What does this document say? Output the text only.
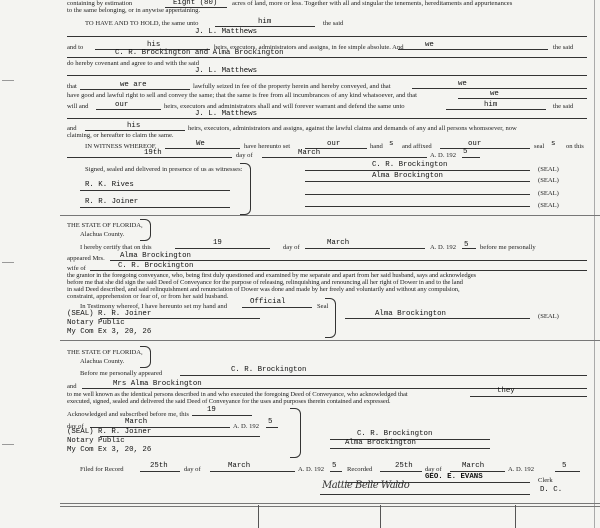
containing by estimation	Eight (80) acres of land, more or less. Together with all and singular the tenements, hereditaments and appurtenances
to the same belonging, or in anywise appertaining.
TO HAVE AND TO HOLD, the same unto	him	the said
J. L. Matthews
and to	his	heirs, executors, administrators and assigns, in fee simple absolute. And	we	the said
C. R. Brockington and Alma Brockington
do hereby covenant and agree to and with the said
J. L. Matthews
that	we are	lawfully seized in fee of the property herein and hereby conveyed, and that	we
have good and lawful right to sell and convey the same; that the same is free from all incumbrances of any kind whatsoever, and that	we
will and	our	heirs, executors and administrators shall and will forever warrant and defend the same unto	him	the said
J. L. Matthews
and	his	heirs, executors, administrators and assigns, against the lawful claims and demands of any and all persons whomsoever, now
claiming, or hereafter to claim the same.
IN WITNESS WHEREOF,	We	have hereunto set	our	hand s and affixed	our	seal s on this
19th	day of	March	A. D. 192 5
Signed, sealed and delivered in presence of us as witnesses:
R. K. Rives
R. R. Joiner
C. R. Brockington
(SEAL)
Alma Brockington
(SEAL)
(SEAL)
(SEAL)
THE STATE OF FLORIDA,
Alachua County.
I hereby certify that on this
19
day of
March
A. D. 192 5 before me personally
appeared Mrs. Alma Brockington
wife of	C. R. Brockington
the grantor in the foregoing conveyance, who, being first duly questioned and examined by me separate and apart from her said husband, says and acknowledges
before me that she did sign the said Deed of Conveyance for the purpose of releasing, relinquishing and renouncing all her right of Dower in and to the land
in said Deed described, and said relinquishment and renunciation of Dower was done and made by her freely and voluntarily and without any compulsion,
constraint, apprehension or fear of, or from her said husband.
In Testimony whereof, I have hereunto set my hand and
Official
Seal
(SEAL) R. R. Joiner
Notary Public
My Com Ex 3, 20, 26
Alma Brockington	(SEAL)
THE STATE OF FLORIDA,
Alachua County.
Before me personally appeared	C. R. Brockington
and	Mrs Alma Brockington
to me well known as the identical persons described in and who executed the foregoing Deed of Conveyance, who acknowledged that	they
executed, signed, sealed and delivered the said Deed of Conveyance for the uses and purposes therein contained and expressed.
Acknowledged and subscribed before me, this
19
day of
March
A. D. 192
5
(SEAL) R. R. Joiner
Notary Public
My Com Ex 3, 20, 26
C. R. Brockington
Alma Brockington
Filed for Record	25th day of	March	A. D. 192 5 Recorded	25th day of	March	A. D. 192	5
GEO. E. EVANS	Clerk
Mattie Belle Waldo	D. C.
